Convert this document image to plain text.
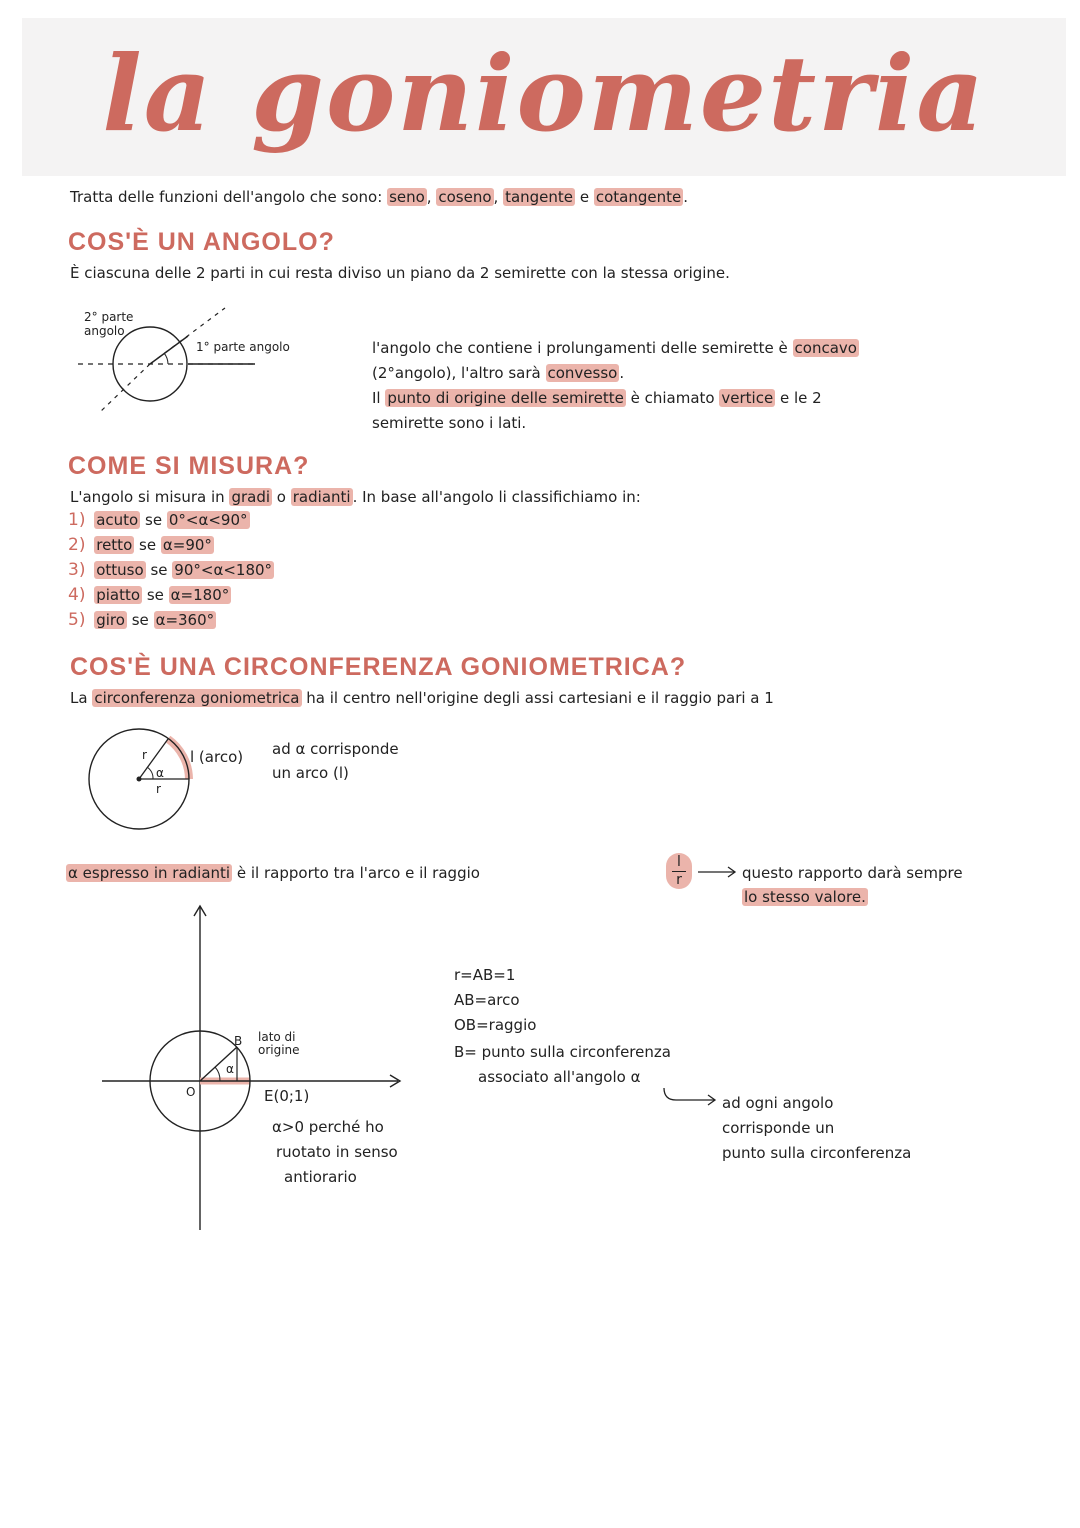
la goniometria
Tratta delle funzioni dell'angolo che sono: seno , coseno , tangente e cotangente .
COS'È UN ANGOLO?
È ciascuna delle 2 parti in cui resta diviso un piano da 2 semirette con la stessa origine.
2° parte angolo
1° parte angolo	l'angolo che contiene i prolungamenti delle semirette è concavo
(2°angolo), l'altro sarà convesso .
Il punto di origine delle semirette è chiamato vertice e le 2
semirette sono i lati.
COME SI MISURA?
L'angolo si misura in gradi o radianti . In base all'angolo li classifichiamo in:
1) acuto se 0°<α<90°
2) retto se α=90°
3) ottuso se 90°<α<180°
4) piatto se α=180°
5) giro se α=360°
COS'È UNA CIRCONFERENZA GONIOMETRICA?
La circonferenza goniometrica ha il centro nell'origine degli assi cartesiani e il raggio pari a 1
r
α
r
l (arco) ad α corrisponde
un arco (l)
α espresso in radianti è il rapporto tra l'arco e il raggio
l
r	questo rapporto darà sempre
lo stesso valore.
O
B lato di
origine
α
E(0;1)
α>0 perché ho
ruotato in senso
antiorario
r=AB=1
AB=arco
OB=raggio
B= punto sulla circonferenza
associato all'angolo α
ad ogni angolo
corrisponde un
punto sulla circonferenza
